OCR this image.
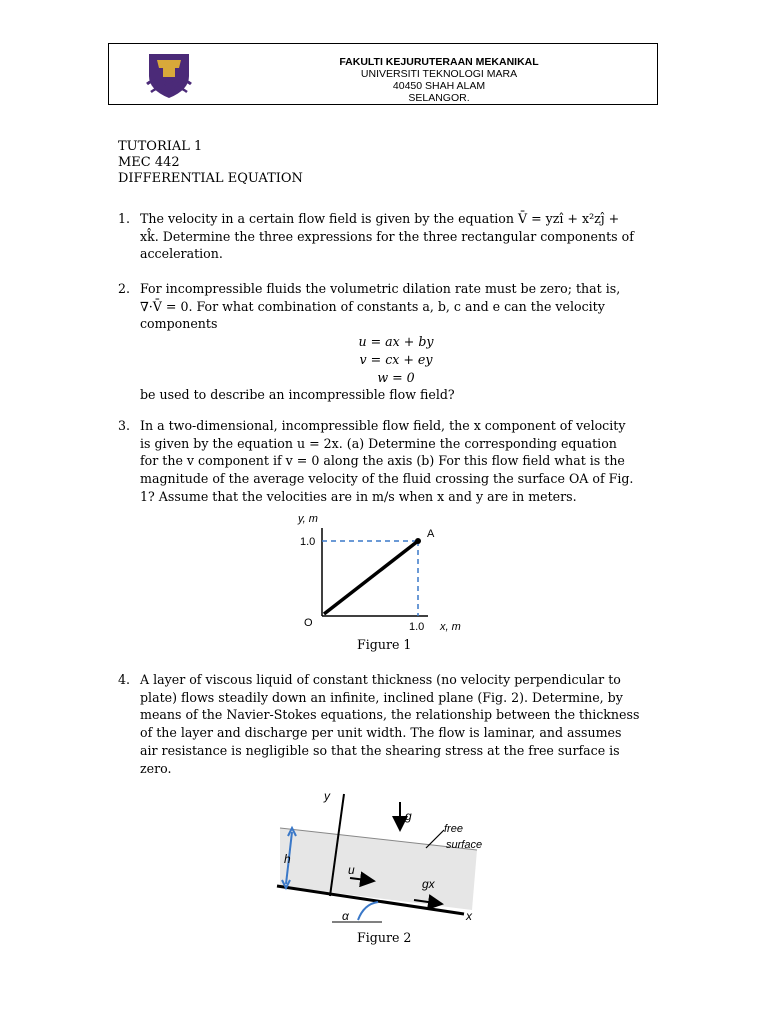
FAKULTI KEJURUTERAAN MEKANIKAL
UNIVERSITI TEKNOLOGI MARA
40450 SHAH ALAM
SELANGOR.
TUTORIAL 1
MEC 442
DIFFERENTIAL EQUATION
1. The velocity in a certain flow field is given by the equation V̄ = yzî + x²zĵ +

xk̂. Determine the three expressions for the three rectangular components of

acceleration.

2. For incompressible fluids the volumetric dilation rate must be zero; that is,

∇·V̄ = 0. For what combination of constants a, b, c and e can the velocity

components

u = ax + by

v = cx + ey

w = 0

be used to describe an incompressible flow field?

3. In a two-dimensional, incompressible flow field, the x component of velocity

is given by the equation u = 2x. (a) Determine the corresponding equation

for the v component if v = 0 along the axis (b) For this flow field what is the

magnitude of the average velocity of the fluid crossing the surface OA of Fig.

1? Assume that the velocities are in m/s when x and y are in meters.

y, m
1.0
O
A
1.0 x, m
Figure 1
4. A layer of viscous liquid of constant thickness (no velocity perpendicular to

plate) flows steadily down an infinite, inclined plane (Fig. 2). Determine, by

means of the Navier-Stokes equations, the relationship between the thickness

of the layer and discharge per unit width. The flow is laminar, and assumes

air resistance is negligible so that the shearing stress at the free surface is

zero.

x
y
h
g
u
gx
free
surface
α
Figure 2
